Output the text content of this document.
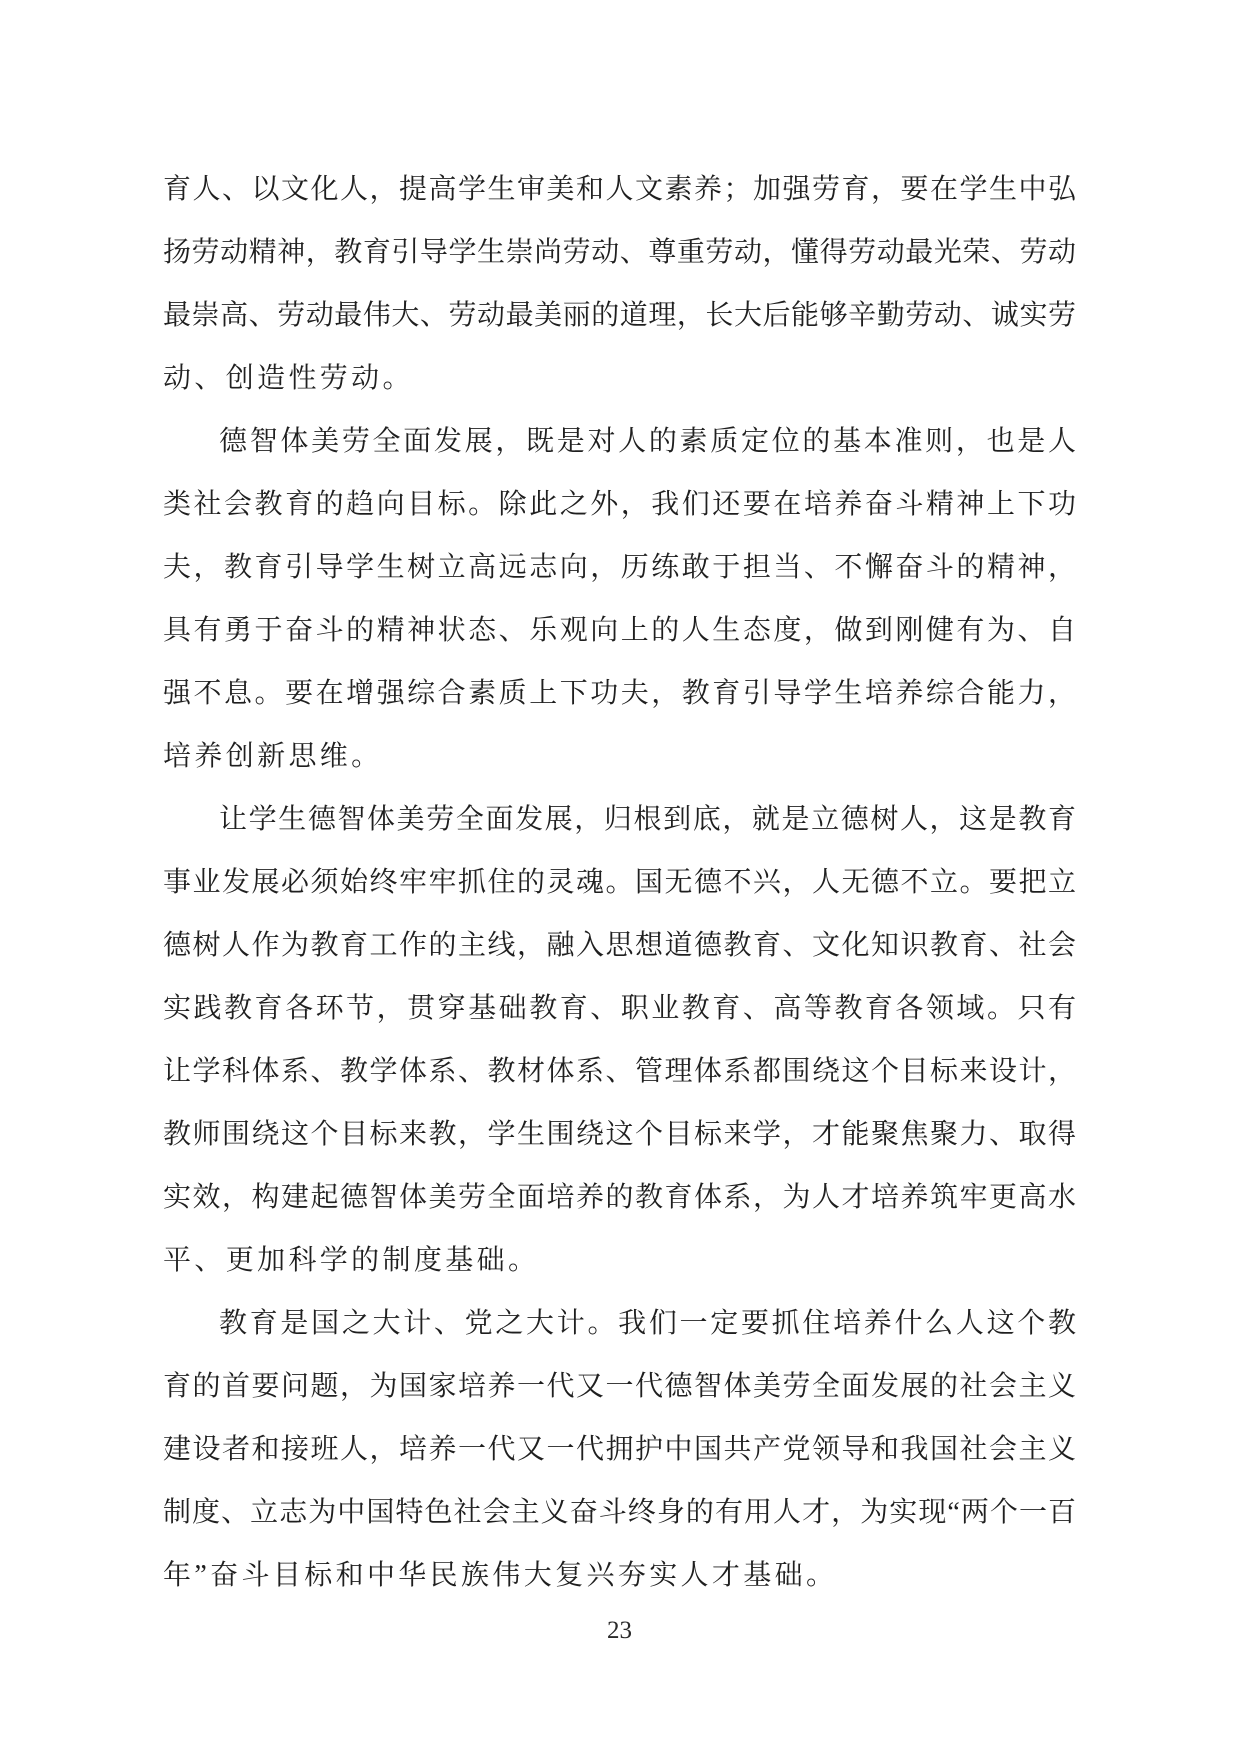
育人、以文化人，提高学生审美和人文素养；加强劳育，要在学生中弘
扬劳动精神，教育引导学生崇尚劳动、尊重劳动，懂得劳动最光荣、劳动
最崇高、劳动最伟大、劳动最美丽的道理，长大后能够辛勤劳动、诚实劳
动、创造性劳动。
德智体美劳全面发展，既是对人的素质定位的基本准则，也是人
类社会教育的趋向目标。除此之外，我们还要在培养奋斗精神上下功
夫，教育引导学生树立高远志向，历练敢于担当、不懈奋斗的精神，
具有勇于奋斗的精神状态、乐观向上的人生态度，做到刚健有为、自
强不息。要在增强综合素质上下功夫，教育引导学生培养综合能力，
培养创新思维。
让学生德智体美劳全面发展，归根到底，就是立德树人，这是教育
事业发展必须始终牢牢抓住的灵魂。国无德不兴，人无德不立。要把立
德树人作为教育工作的主线，融入思想道德教育、文化知识教育、社会
实践教育各环节，贯穿基础教育、职业教育、高等教育各领域。只有
让学科体系、教学体系、教材体系、管理体系都围绕这个目标来设计，
教师围绕这个目标来教，学生围绕这个目标来学，才能聚焦聚力、取得
实效，构建起德智体美劳全面培养的教育体系，为人才培养筑牢更高水
平、更加科学的制度基础。
教育是国之大计、党之大计。我们一定要抓住培养什么人这个教
育的首要问题，为国家培养一代又一代德智体美劳全面发展的社会主义
建设者和接班人，培养一代又一代拥护中国共产党领导和我国社会主义
制度、立志为中国特色社会主义奋斗终身的有用人才，为实现“两个一百
年”奋斗目标和中华民族伟大复兴夯实人才基础。
23
